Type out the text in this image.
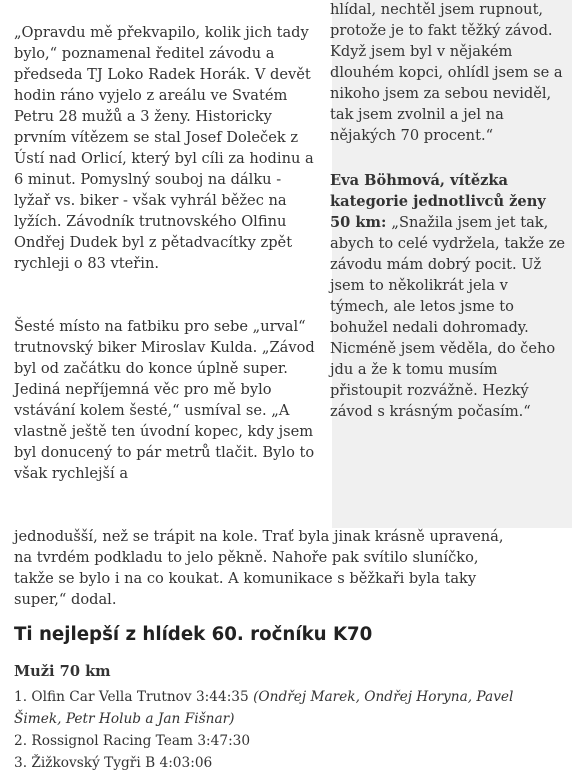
hlídal, nechtěl jsem rupnout, protože je to fakt těžký závod. Když jsem byl v nějakém dlouhém kopci, ohlídl jsem se a nikoho jsem za sebou neviděl, tak jsem zvolnil a jel na nějakých 70 procent.“

Eva Böhmová, vítězka kategorie jednotlivců ženy 50 km: „Snažila jsem jet tak, abych to celé vydržela, takže ze závodu mám dobrý pocit. Už jsem to několikrát jela v týmech, ale letos jsme to bohužel nedali dohromady. Nicméně jsem věděla, do čeho jdu a že k tomu musím přistoupit rozvážně. Hezký závod s krásným počasím.“

„Opravdu mě překvapilo, kolik jich tady bylo,“ poznamenal ředitel závodu a předseda TJ Loko Radek Horák. V devět hodin ráno vyjelo z areálu ve Svatém Petru 28 mužů a 3 ženy. Historicky prvním vítězem se stal Josef Doleček z Ústí nad Orlicí, který byl cíli za hodinu a 6 minut. Pomyslný souboj na dálku - lyžař vs. biker - však vyhrál běžec na lyžích. Závodník trutnovského Olfinu Ondřej Dudek byl z pětadvacítky zpět rychleji o 83 vteřin.

Šesté místo na fatbiku pro sebe „urval“ trutnovský biker Miroslav Kulda. „Závod byl od začátku do konce úplně super. Jediná nepříjemná věc pro mě bylo vstávání kolem šesté,“ usmíval se. „A vlastně ještě ten úvodní kopec, kdy jsem byl donucený to pár metrů tlačit. Bylo to však rychlejší a

jednodušší, než se trápit na kole. Trať byla jinak krásně upravená, na tvrdém podkladu to jelo pěkně. Nahoře pak svítilo sluníčko, takže se bylo i na co koukat. A komunikace s běžkaři byla taky super,“ dodal.

Ti nejlepší z hlídek 60. ročníku K70
Muži 70 km
1. Olfin Car Vella Trutnov 3:44:35 (Ondřej Marek, Ondřej Horyna, Pavel Šimek, Petr Holub a Jan Fišnar)
2. Rossignol Racing Team 3:47:30
3. Žižkovský Tygři B 4:03:06
